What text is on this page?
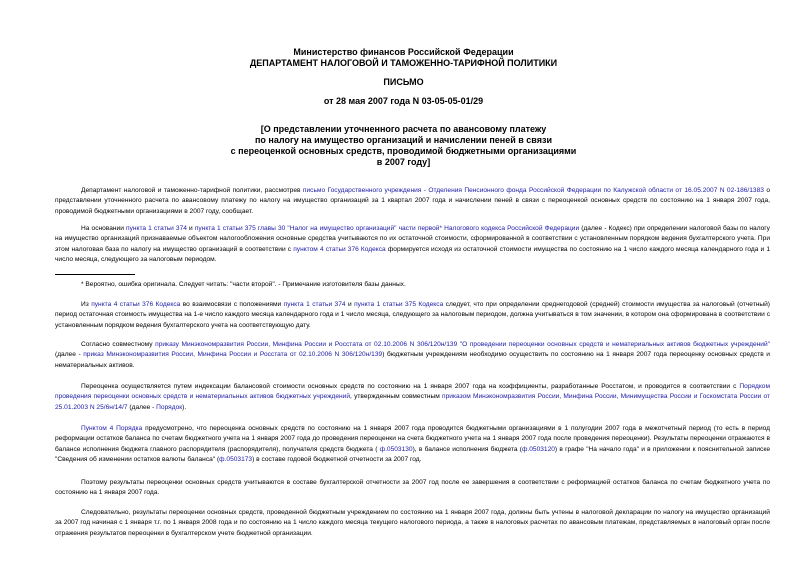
Министерство финансов Российской Федерации
ДЕПАРТАМЕНТ НАЛОГОВОЙ И ТАМОЖЕННО-ТАРИФНОЙ ПОЛИТИКИ
ПИСЬМО
от 28 мая 2007 года N 03-05-05-01/29
[О представлении уточненного расчета по авансовому платежу
по налогу на имущество организаций и начислении пеней в связи
с переоценкой основных средств, проводимой бюджетными организациями
в 2007 году]

Департамент налоговой и таможенно-тарифной политики, рассмотрев письмо Государственного учреждения - Отделения Пенсионного фонда Российской Федерации по Калужской области от 16.05.2007 N 02-186/1383 о представлении уточненного расчета по авансовому платежу по налогу на имущество организаций за 1 квартал 2007 года и начислении пеней в связи с переоценкой основных средств по состоянию на 1 января 2007 года, проводимой бюджетными организациями в 2007 году, сообщает.

На основании пункта 1 статьи 374 и пункта 1 статьи 375 главы 30 "Налог на имущество организаций" части первой* Налогового кодекса Российской Федерации (далее - Кодекс) при определении налоговой базы по налогу на имущество организаций признаваемые объектом налогообложения основные средства учитываются по их остаточной стоимости, сформированной в соответствии с установленным порядком ведения бухгалтерского учета. При этом налоговая база по налогу на имущество организаций в соответствии с пунктом 4 статьи 376 Кодекса формируется исходя из остаточной стоимости имущества по состоянию на 1 число каждого месяца календарного года и 1 число месяца, следующего за налоговым периодом.

* Вероятно, ошибка оригинала. Следует читать: "части второй". - Примечание изготовителя базы данных.

Из пункта 4 статьи 376 Кодекса во взаимосвязи с положениями пункта 1 статьи 374 и пункта 1 статьи 375 Кодекса следует, что при определении среднегодовой (средней) стоимости имущества за налоговый (отчетный) период остаточная стоимость имущества на 1-е число каждого месяца календарного года и 1 число месяца, следующего за налоговым периодом, должна учитываться в том значении, в котором она сформирована в соответствии с установленным порядком ведения бухгалтерского учета на соответствующую дату.

Согласно совместному приказу Минэкономразвития России, Минфина России и Росстата от 02.10.2006 N 306/120н/139 "О проведении переоценки основных средств и нематериальных активов бюджетных учреждений" (далее - приказ Минэкономразвития России, Минфина России и Росстата от 02.10.2006 N 306/120н/139) бюджетным учреждениям необходимо осуществить по состоянию на 1 января 2007 года переоценку основных средств и нематериальных активов.

Переоценка осуществляется путем индексации балансовой стоимости основных средств по состоянию на 1 января 2007 года на коэффициенты, разработанные Росстатом, и проводится в соответствии с Порядком проведения переоценки основных средств и нематериальных активов бюджетных учреждений, утвержденным совместным приказом Минэкономразвития России, Минфина России, Минимущества России и Госкомстата России от 25.01.2003 N 25/6н/14/7 (далее - Порядок).

Пунктом 4 Порядка предусмотрено, что переоценка основных средств по состоянию на 1 января 2007 года проводится бюджетными организациями в 1 полугодии 2007 года в межотчетный период (то есть в период реформации остатков баланса по счетам бюджетного учета на 1 января 2007 года до проведения переоценки на счета бюджетного учета на 1 января 2007 года после проведения переоценки). Результаты переоценки отражаются в балансе исполнения бюджета главного распорядителя (распорядителя), получателя средств бюджета ( ф.0503130), в балансе исполнения бюджета (ф.0503120) в графе "На начало года" и в приложении к пояснительной записке "Сведения об изменении остатков валюты баланса" (ф.0503173) в составе годовой бюджетной отчетности за 2007 год.

Поэтому результаты переоценки основных средств учитываются в составе бухгалтерской отчетности за 2007 год после ее завершения в соответствии с реформацией остатков баланса по счетам бюджетного учета по состоянию на 1 января 2007 года.

Следовательно, результаты переоценки основных средств, проведенной бюджетным учреждением по состоянию на 1 января 2007 года, должны быть учтены в налоговой декларации по налогу на имущество организаций за 2007 год начиная с 1 января т.г. по 1 января 2008 года и по состоянию на 1 число каждого месяца текущего налогового периода, а также в налоговых расчетах по авансовым платежам, представляемых в налоговый орган после отражения результатов переоценки в бухгалтерском учете бюджетной организации.
